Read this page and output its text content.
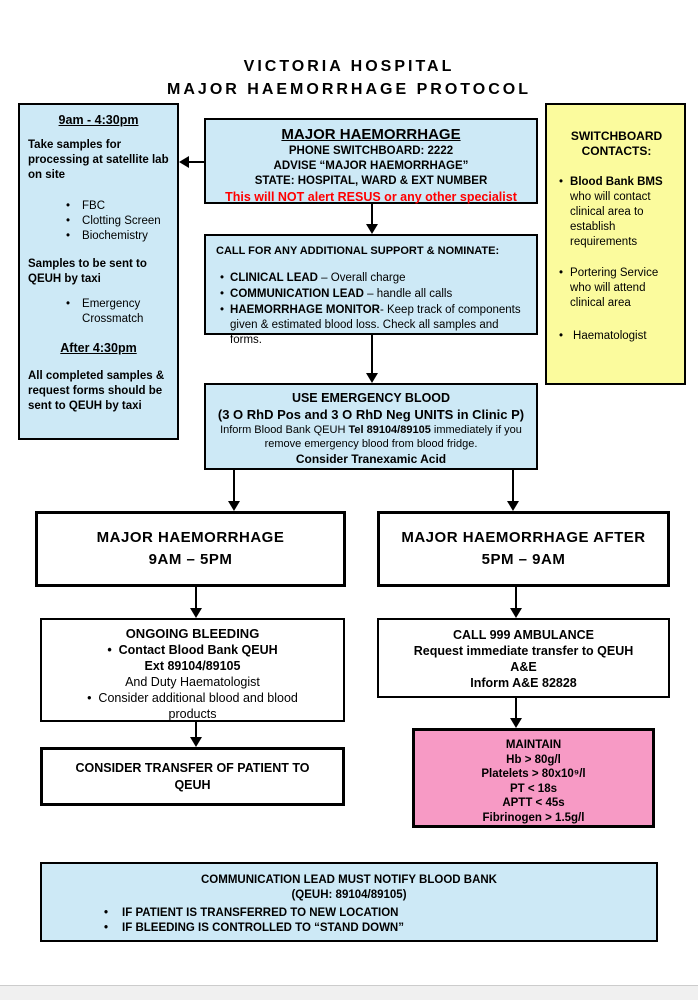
VICTORIA HOSPITAL
MAJOR HAEMORRHAGE PROTOCOL
9am - 4:30pm
Take samples for processing at satellite lab on site
• FBC
• Clotting Screen
• Biochemistry
Samples to be sent to QEUH by taxi
• Emergency Crossmatch
After 4:30pm
All completed samples & request forms should be sent to QEUH by taxi
MAJOR HAEMORRHAGE
PHONE SWITCHBOARD: 2222
ADVISE “MAJOR HAEMORRHAGE”
STATE: HOSPITAL, WARD & EXT NUMBER
This will NOT alert RESUS or any other specialist
SWITCHBOARD CONTACTS:
• Blood Bank BMS who will contact clinical area to establish requirements
• Portering Service who will attend clinical area
• Haematologist
CALL FOR ANY ADDITIONAL SUPPORT & NOMINATE:
• CLINICAL LEAD – Overall charge
• COMMUNICATION LEAD – handle all calls
• HAEMORRHAGE MONITOR- Keep track of components given & estimated blood loss. Check all samples and forms.
USE EMERGENCY BLOOD
(3 O RhD Pos and 3 O RhD Neg UNITS in Clinic P)
Inform Blood Bank QEUH Tel 89104/89105 immediately if you remove emergency blood from blood fridge.
Consider Tranexamic Acid
MAJOR HAEMORRHAGE
9AM – 5PM
MAJOR HAEMORRHAGE AFTER
5PM – 9AM
ONGOING BLEEDING
•  Contact Blood Bank QEUH
Ext 89104/89105
And Duty Haematologist
•  Consider additional blood and blood products
CALL 999 AMBULANCE
Request immediate transfer to QEUH A&E
Inform A&E 82828
CONSIDER TRANSFER OF PATIENT TO QEUH
MAINTAIN
Hb > 80g/l
Platelets > 80x10⁹/l
PT < 18s
APTT < 45s
Fibrinogen > 1.5g/l
COMMUNICATION LEAD MUST NOTIFY BLOOD BANK
(QEUH: 89104/89105)
• IF PATIENT IS TRANSFERRED TO NEW LOCATION
• IF BLEEDING IS CONTROLLED TO “STAND DOWN”
